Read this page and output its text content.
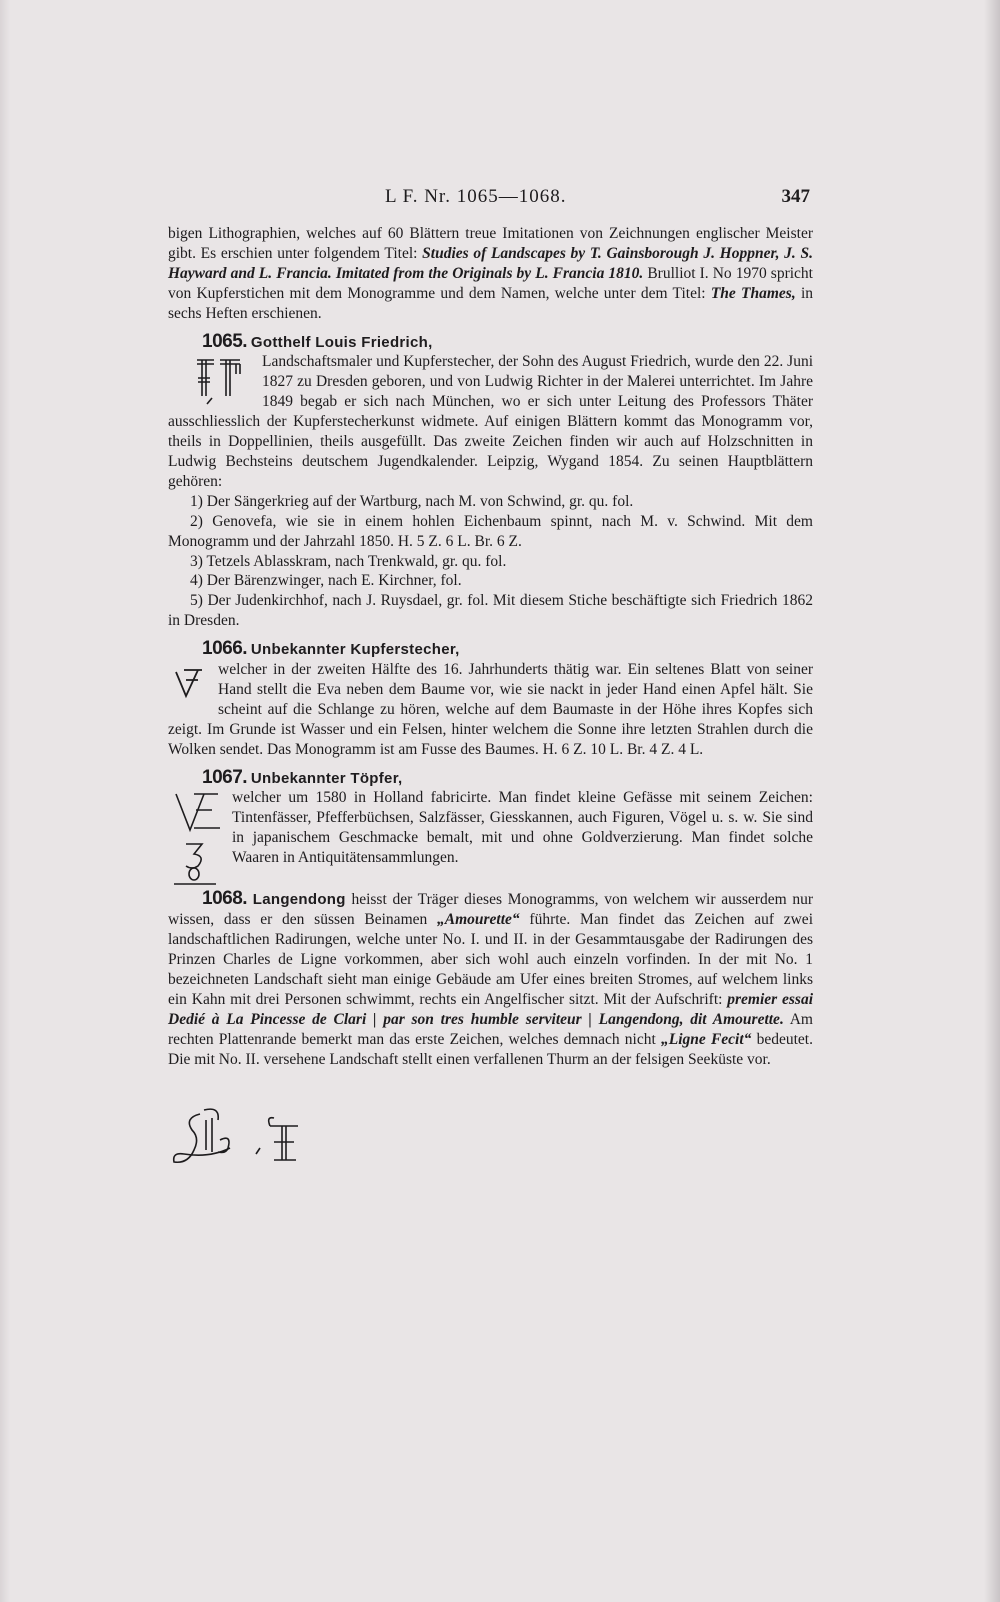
L F. Nr. 1065—1068.	347

bigen Lithographien, welches auf 60 Blättern treue Imitationen von Zeichnungen englischer Meister gibt. Es erschien unter folgendem Titel: Studies of Landscapes by T. Gainsborough J. Hoppner, J. S. Hayward and L. Francia. Imitated from the Originals by L. Francia 1810. Brulliot I. No 1970 spricht von Kupferstichen mit dem Monogramme und dem Namen, welche unter dem Titel: The Thames, in sechs Heften erschienen.

1065. Gotthelf Louis Friedrich,

Landschaftsmaler und Kupferstecher, der Sohn des August Friedrich, wurde den 22. Juni 1827 zu Dresden geboren, und von Ludwig Richter in der Malerei unterrichtet. Im Jahre 1849 begab er sich nach München, wo er sich unter Leitung des Professors Thäter ausschliesslich der Kupferstecherkunst widmete. Auf einigen Blättern kommt das Monogramm vor, theils in Doppellinien, theils ausgefüllt. Das zweite Zeichen finden wir auch auf Holzschnitten in Ludwig Bechsteins deutschem Jugendkalender. Leipzig, Wygand 1854. Zu seinen Hauptblättern gehören:

1) Der Sängerkrieg auf der Wartburg, nach M. von Schwind, gr. qu. fol.

2) Genovefa, wie sie in einem hohlen Eichenbaum spinnt, nach M. v. Schwind. Mit dem Monogramm und der Jahrzahl 1850. H. 5 Z. 6 L. Br. 6 Z.

3) Tetzels Ablasskram, nach Trenkwald, gr. qu. fol.

4) Der Bärenzwinger, nach E. Kirchner, fol.

5) Der Judenkirchhof, nach J. Ruysdael, gr. fol. Mit diesem Stiche beschäftigte sich Friedrich 1862 in Dresden.

1066. Unbekannter Kupferstecher,

welcher in der zweiten Hälfte des 16. Jahrhunderts thätig war. Ein seltenes Blatt von seiner Hand stellt die Eva neben dem Baume vor, wie sie nackt in jeder Hand einen Apfel hält. Sie scheint auf die Schlange zu hören, welche auf dem Baumaste in der Höhe ihres Kopfes sich zeigt. Im Grunde ist Wasser und ein Felsen, hinter welchem die Sonne ihre letzten Strahlen durch die Wolken sendet. Das Monogramm ist am Fusse des Baumes. H. 6 Z. 10 L. Br. 4 Z. 4 L.

1067. Unbekannter Töpfer,

welcher um 1580 in Holland fabricirte. Man findet kleine Gefässe mit seinem Zeichen: Tintenfässer, Pfefferbüchsen, Salzfässer, Giesskannen, auch Figuren, Vögel u. s. w. Sie sind in japanischem Geschmacke bemalt, mit und ohne Goldverzierung. Man findet solche Waaren in Antiquitätensammlungen.

1068. Langendong heisst der Träger dieses Monogramms, von welchem wir ausserdem nur wissen, dass er den süssen Beinamen „Amourette“ führte. Man findet das Zeichen auf zwei landschaftlichen Radirungen, welche unter No. I. und II. in der Gesammtausgabe der Radirungen des Prinzen Charles de Ligne vorkommen, aber sich wohl auch einzeln vorfinden. In der mit No. 1 bezeichneten Landschaft sieht man einige Gebäude am Ufer eines breiten Stromes, auf welchem links ein Kahn mit drei Personen schwimmt, rechts ein Angelfischer sitzt. Mit der Aufschrift: premier essai Dedié à La Pincesse de Clari | par son tres humble serviteur | Langendong, dit Amourette. Am rechten Plattenrande bemerkt man das erste Zeichen, welches demnach nicht „Ligne Fecit“ bedeutet. Die mit No. II. versehene Landschaft stellt einen verfallenen Thurm an der felsigen Seeküste vor.
